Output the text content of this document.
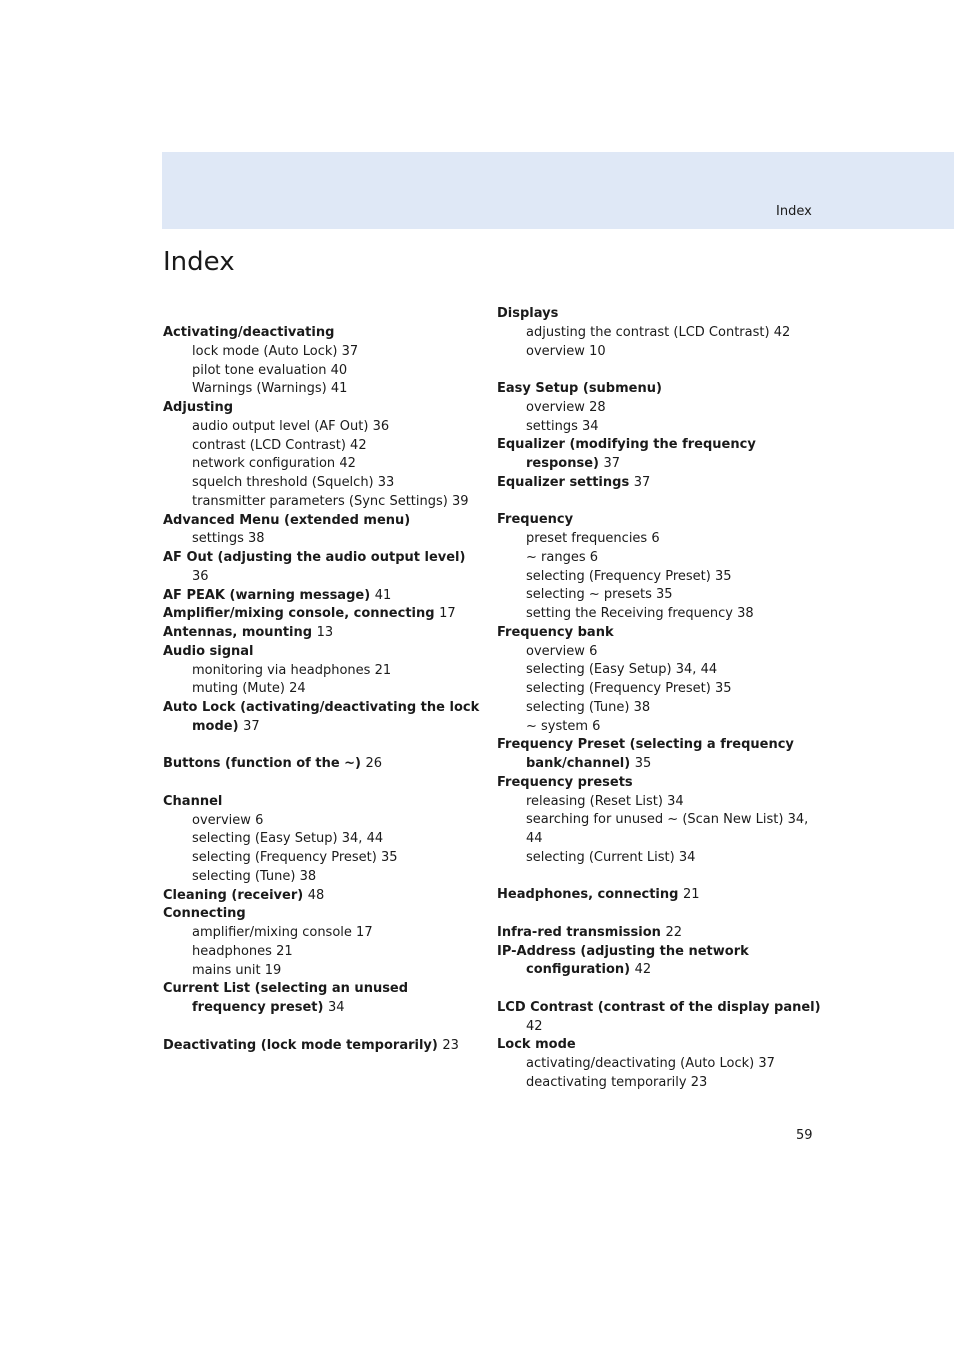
Index
Index
Activating/deactivating
lock mode (Auto Lock) 37
pilot tone evaluation 40
Warnings (Warnings) 41
Adjusting
audio output level (AF Out) 36
contrast (LCD Contrast) 42
network configuration 42
squelch threshold (Squelch) 33
transmitter parameters (Sync Settings) 39
Advanced Menu (extended menu)
settings 38
AF Out (adjusting the audio output level) 36
AF PEAK (warning message) 41
Amplifier/mixing console, connecting 17
Antennas, mounting 13
Audio signal
monitoring via headphones 21
muting (Mute) 24
Auto Lock (activating/deactivating the lock mode) 37
Buttons (function of the ~) 26
Channel
overview 6
selecting (Easy Setup) 34, 44
selecting (Frequency Preset) 35
selecting (Tune) 38
Cleaning (receiver) 48
Connecting
amplifier/mixing console 17
headphones 21
mains unit 19
Current List (selecting an unused frequency preset) 34
Deactivating (lock mode temporarily) 23
Displays
adjusting the contrast (LCD Contrast) 42
overview 10
Easy Setup (submenu)
overview 28
settings 34
Equalizer (modifying the frequency response) 37
Equalizer settings 37
Frequency
preset frequencies 6
~ ranges 6
selecting (Frequency Preset) 35
selecting ~ presets 35
setting the Receiving frequency 38
Frequency bank
overview 6
selecting (Easy Setup) 34, 44
selecting (Frequency Preset) 35
selecting (Tune) 38
~ system 6
Frequency Preset (selecting a frequency bank/channel) 35
Frequency presets
releasing (Reset List) 34
searching for unused ~ (Scan New List) 34, 44
selecting (Current List) 34
Headphones, connecting 21
Infra-red transmission 22
IP-Address (adjusting the network configuration) 42
LCD Contrast (contrast of the display panel) 42
Lock mode
activating/deactivating (Auto Lock) 37
deactivating temporarily 23
59
